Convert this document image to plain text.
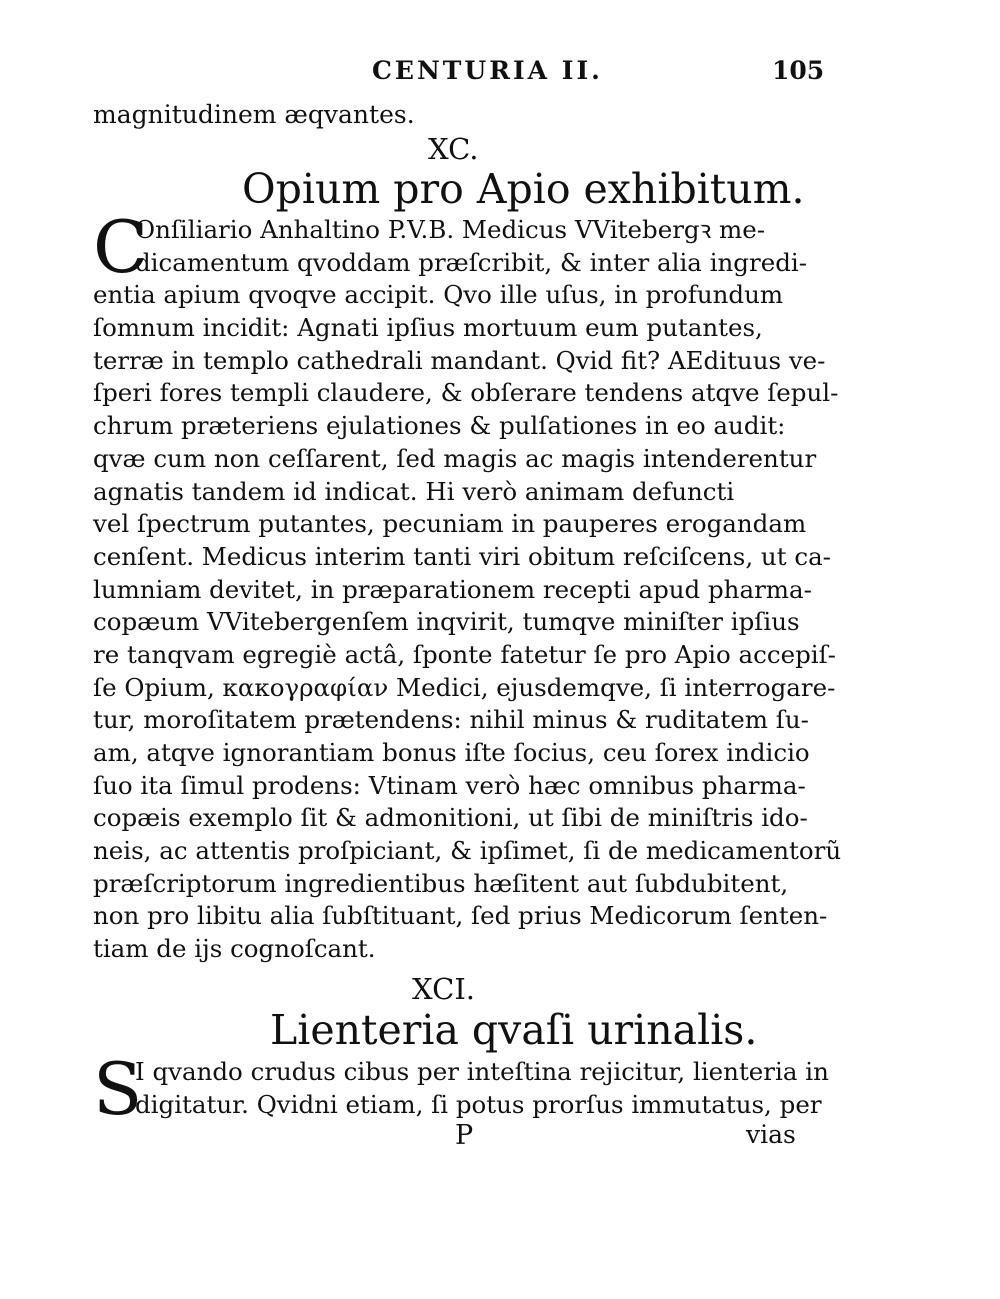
CENTURIA II.	105
magnitudinem æqvantes.
XC.
Opium pro Apio exhibitum.
C
Onſiliario Anhaltino P.V.B. Medicus VVitebergꝛ me-
dicamentum qvoddam præſcribit, & inter alia ingredi-
entia apium qvoqve accipit. Qvo ille uſus, in profundum
ſomnum incidit: Agnati ipſius mortuum eum putantes,
terræ in templo cathedrali mandant. Qvid fit? AEdituus ve-
ſperi fores templi claudere, & obſerare tendens atqve ſepul-
chrum præteriens ejulationes & pulſationes in eo audit:
qvæ cum non ceſſarent, ſed magis ac magis intenderentur
agnatis tandem id indicat. Hi verò animam defuncti
vel ſpectrum putantes, pecuniam in pauperes erogandam
cenſent. Medicus interim tanti viri obitum reſciſcens, ut ca-
lumniam devitet, in præparationem recepti apud pharma-
copæum VVitebergenſem inqvirit, tumqve miniſter ipſius
re tanqvam egregiè actâ, ſponte fatetur ſe pro Apio accepiſ-
ſe Opium, κακογραφίαν Medici, ejusdemqve, ſi interrogare-
tur, moroſitatem prætendens: nihil minus & ruditatem ſu-
am, atqve ignorantiam bonus iſte ſocius, ceu ſorex indicio
ſuo ita ſimul prodens: Vtinam verò hæc omnibus pharma-
copæis exemplo ſit & admonitioni, ut ſibi de miniſtris ido-
neis, ac attentis proſpiciant, & ipſimet, ſi de medicamentorũ
præſcriptorum ingredientibus hæſitent aut ſubdubitent,
non pro libitu alia ſubſtituant, ſed prius Medicorum ſenten-
tiam de ijs cognoſcant.
XCI.
Lienteria qvaſi urinalis.
S
I qvando crudus cibus per inteſtina rejicitur, lienteria in
digitatur. Qvidni etiam, ſi potus prorſus immutatus, per
P	vias
